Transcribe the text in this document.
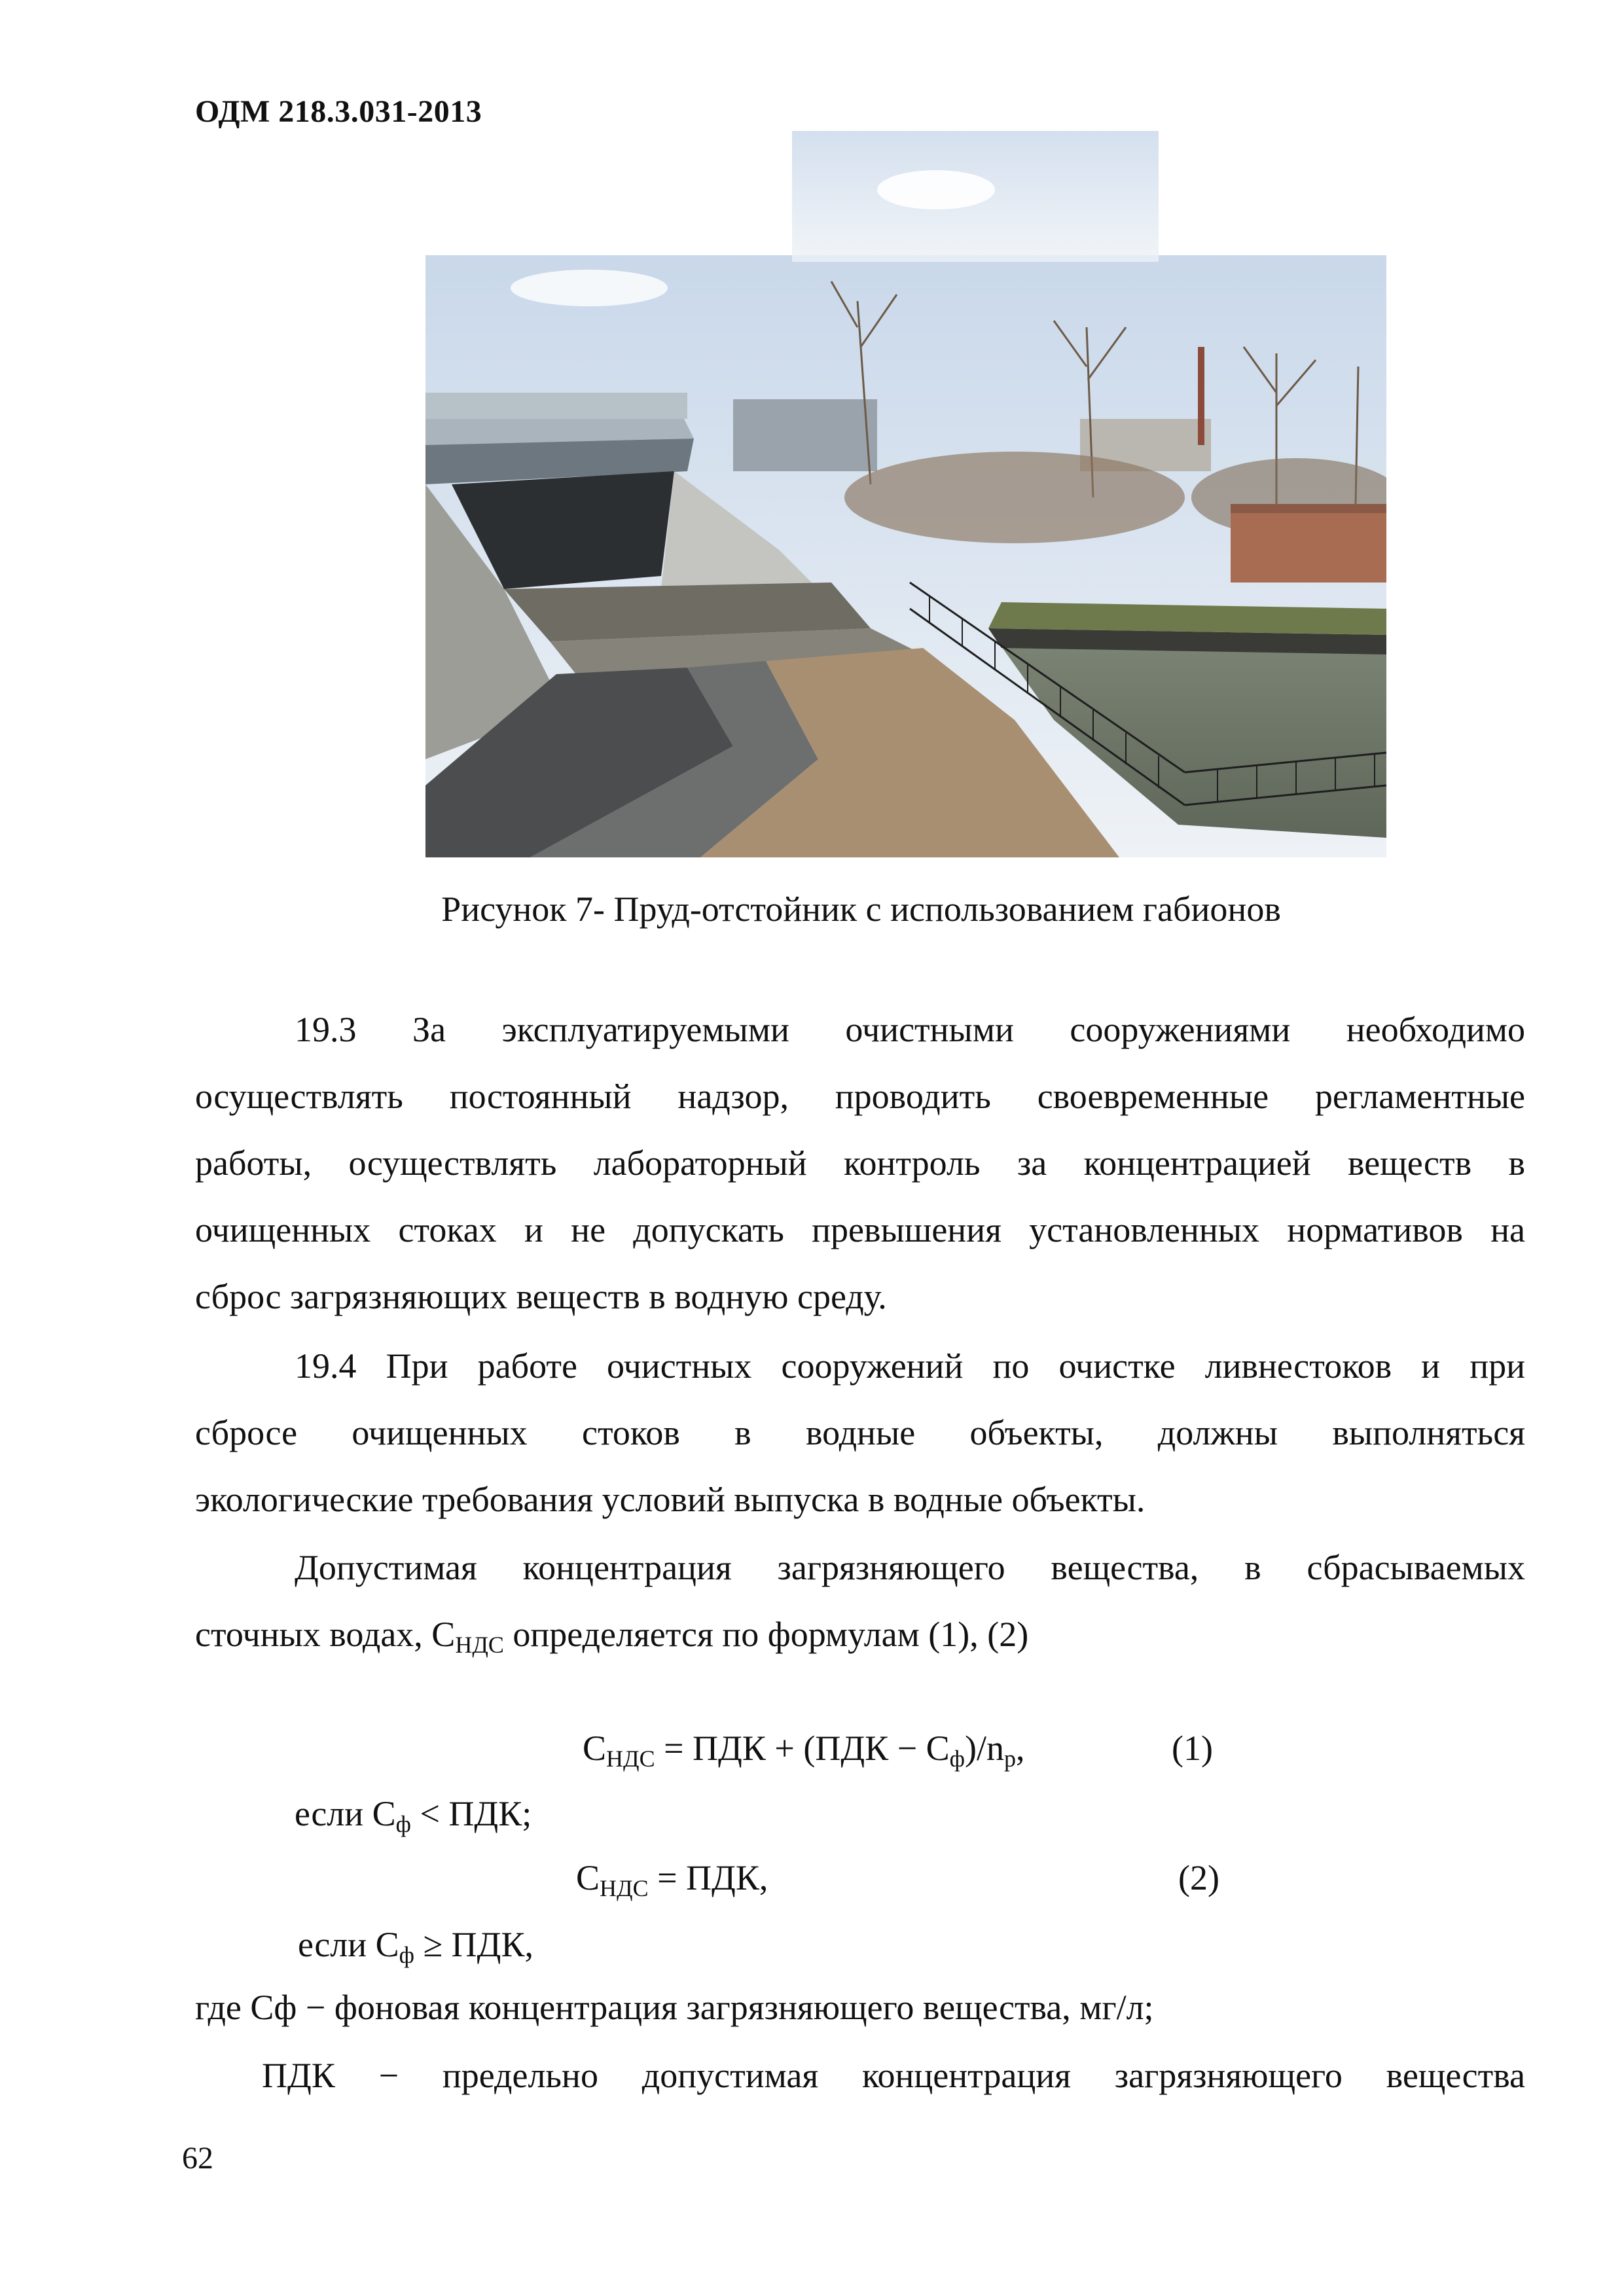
ОДМ 218.3.031-2013
Рисунок 7- Пруд-отстойник с использованием габионов
19.3 За эксплуатируемыми очистными сооружениями необходимо
осуществлять постоянный надзор, проводить своевременные регламентные
работы, осуществлять лабораторный контроль за концентрацией веществ в
очищенных стоках и не допускать превышения установленных нормативов на
сброс загрязняющих веществ в водную среду.
19.4 При работе очистных сооружений по очистке ливнестоков и при
сбросе очищенных стоков в водные объекты, должны выполняться
экологические требования условий выпуска в водные объекты.
Допустимая концентрация загрязняющего вещества, в сбрасываемых
сточных водах, $С_{НДС}$ определяется по формулам (1), (2)
$С_{НДС}$ = ПДК + $(ПДК - С_ф)/n_р$,	(1)
если $С_ф$ < ПДК;
$С_{НДС}$ = ПДК,	(2)
если $С_ф$ ≥ ПДК,
где Сф − фоновая концентрация загрязняющего вещества, мг/л;
ПДК − предельно допустимая концентрация загрязняющего вещества
62
